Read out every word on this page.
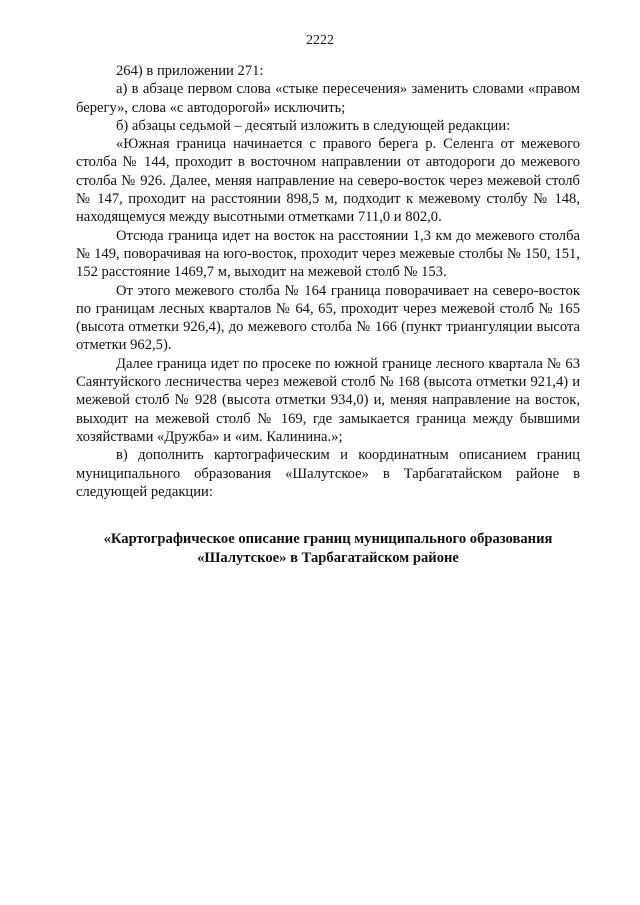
2222

264) в приложении 271:

а) в абзаце первом слова «стыке пересечения» заменить словами «правом берегу», слова «с автодорогой» исключить;

б) абзацы седьмой – десятый изложить в следующей редакции:

«Южная граница начинается с правого берега р. Селенга от межевого столба № 144, проходит в восточном направлении от автодороги до межевого столба № 926. Далее, меняя направление на северо-восток через межевой столб № 147, проходит на расстоянии 898,5 м, подходит к межевому столбу № 148, находящемуся между высотными отметками 711,0 и 802,0.

Отсюда граница идет на восток на расстоянии 1,3 км до межевого столба № 149, поворачивая на юго-восток, проходит через межевые столбы № 150, 151, 152 расстояние 1469,7 м, выходит на межевой столб № 153.

От этого межевого столба № 164 граница поворачивает на северо-восток по границам лесных кварталов № 64, 65, проходит через межевой столб № 165 (высота отметки 926,4), до межевого столба № 166 (пункт триангуляции высота отметки 962,5).

Далее граница идет по просеке по южной границе лесного квартала № 63 Саянтуйского лесничества через межевой столб № 168 (высота отметки 921,4) и межевой столб № 928 (высота отметки 934,0) и, меняя направление на восток, выходит на межевой столб № 169, где замыкается граница между бывшими хозяйствами «Дружба» и «им. Калинина.»;

в) дополнить картографическим и координатным описанием границ муниципального образования «Шалутское» в Тарбагатайском районе в следующей редакции:

«Картографическое описание границ муниципального образования
«Шалутское» в Тарбагатайском районе
